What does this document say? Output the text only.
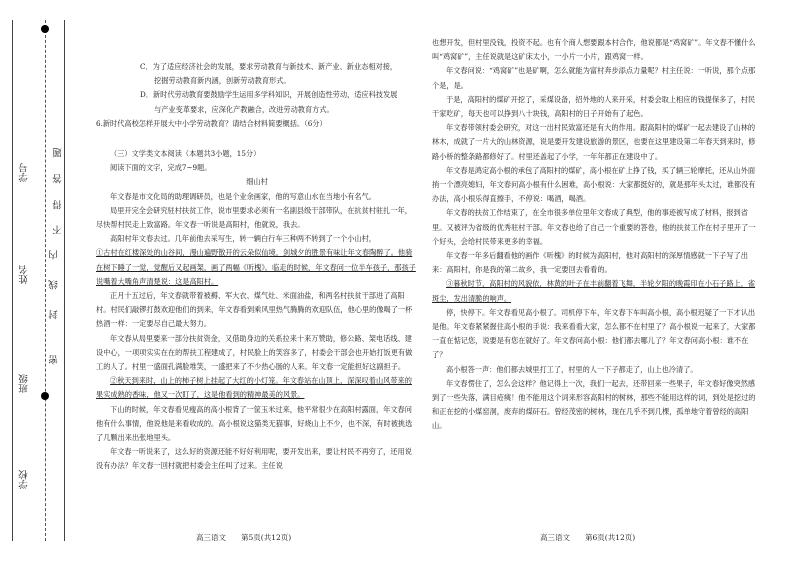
学校
班级
姓名
学号
密
封
线
内
不
得
答
题

C．为了适应经济社会的发展，要求劳动教育与新技术、新产业、新业态相对接，

挖掘劳动教育新内涵，创新劳动教育形式。

D．新时代劳动教育要鼓励学生运用多学科知识，开展创造性劳动，适应科技发展

与产业变革要求，应深化产教融合，改进劳动教育方式。

6.新时代高校怎样开展大中小学劳动教育？请结合材料简要概括。（6分）

（三）文学类文本阅读（本题共3小题，15分）

阅读下面的文字，完成7~9题。

细山村

年文春是市文化局的助理调研员，也是个业余画家，他的写意山水在当地小有名气。

局里开完全会研究驻村扶贫工作，说市里要求必须有一名副县级干部带队，在抗贫村驻扎一年，尽快帮村民走上致富路。年文春一听说是高阳村，他就说，我去。

高阳村年文春去过。几年前他去采写生，转一辆白行车三种两不转到了一个小山村，

①古村在红楼深处的山谷间，漫山遍野散开的云朵似仙境，剑城夕的胜景有味让年文春陶醉了。他骑在树下睡了一觉，觉醒后又起画架，画了两幅《听槐》。临走的时候，年文春问一位半车孩子，那孩子说嘴着大嘴角声清楚说：这是高阳村。

正月十五过后，年文春就带着被褥、军大衣、煤气灶、米面油盐，和两名村扶贫干部进了高阳村。村民们敲锣打鼓欢迎他们的到来，年文春看到乘风里热气腾腾的欢迎队伍，他心里的像喝了一杯热酒一样：一定要尽自己最大努力。

年文春从局里要来一部分扶贫资金，又借助身边的关系拉来十来万赞助，修公路、架电话线、建设中心，一项项实实在在的帮扶工程建成了，村民脸上的笑容多了，村委会干部会也开始打饭更有做工的人了。村里一盛面孔满脸堆笑，一盛把来了不少热心肠的人来。年文春一定能担好这副担子。

②秋天到来时，山上的柿子树上挂起了大红的小灯笼。年文春站在山顶上，深深叹着山风带来的果实成熟的香味，他又一次盯了，这是他看到的精神最美的风景。

下山的时候，年文春看见瘦高的高小根背了一筐玉米过来，他平常很少在高阳村露面，年文春问他有什么事情，他说他是来看收成的。高小根说这猫类无猫事，好烧山上不少，也不深，有时被挑选了几颗出来出张地里头。

年文春一听说来了，这么好的资源还能不好好利用呢，要开发出来，要让村民不再穷了，还用说没有办法？年文春一回村就把村委会主任叫了过来。主任说

高三语文　　第5页(共12页)

也想开发，但村里没钱，投资不起。也有个商人想要跟本村合作，他说都是“鸡窝矿”。年文春不懂什么叫“鸡窝矿”，主任说就是这矿床太小，一小片一小片，跟鸡窝一样。

年文春问说：“鸡窝矿”也是矿啊，怎么就能为富村奔步添点力量呢？村主任说：一听说，那个点那个是，是。

于是，高阳村的煤矿开挖了，采煤设备，招外地的人来开采，村委会取上相应的钱提保多了，村民干家吃矿，每天也可以挣到八十块钱，高阳村的日子开始有了起色。

年文春带领村委会研究，对这一出村民致富还是有大的作用。跟高阳村的煤矿一起去建设了山林的林木，成就了一片大的山林资源，说是要开发建设旅游的景区，也要在这里建设第二年春天到来时，修路小桥的整条路都修好了。村里还盖起了小学，一年年都正在建设中了。

年文春是鸿定高小根的承包了高阳村的煤矿，高小根在矿上挣了钱，买了辆三轮摩托，还从山外面捎一个漂亮媳妇，年文春问高小根有什么困难，高小根说：大家都挺好的，就是那年头太过，谁都没有办法，高小根乐得直擦手，不停说：喝酒，喝酒。

年文春的扶贫工作结束了，在全市很多单位里年文春成了典型，他的事迹被写成了材料，报到省里。又被评为省级的优秀驻村干部。年文春也给了自己一个重要的答卷，他的扶贫工作在村子里开了一个好头，会给村民带来更多的幸福。

年文春一年多后翻看他的画作《听槐》的时候为高阳村，他对高阳村的深厚情感就一下子写了出来：高阳村，你是我的第二故乡，我一定要回去看看的。

③暮秋时节，高阳村的风貌依，林黄的叶子在丰前翻着飞舞，半轮夕阳的晚霞印在小石子路上，雀斑尘，发出清脆的响声。

停，快停下。年文春看见高小根了。司机停下车，年文春下车叫高小根，高小根迟疑了一下才认出是他。年文春紧紧握住高小根的手说：我来看看大家，怎么都不在村里了？高小根说一起来了，大家都一直在惦记您，说要是有您在就好了。年文春问高小根：他们都去哪儿了？年文春问高小根：谁不在了？

高小根答一声：他们都去城里打工了，村里的人一下子都走了，山上也冷清了。

年文春愣住了，怎么会这样？他记得上一次，我们一起去，还带回来一些果子，年文春好像突然感到了一些失落，满目疮痍！他不能用这个词来形容高阳村的树林，那些不能用这样的词，到处是挖过的和正在挖的小煤窑洞，废弃的煤矸石。曾经茂密的树林，现在几乎不到几棵，孤单地守着曾经的高阳山。

高三语文　　第6页(共12页)
